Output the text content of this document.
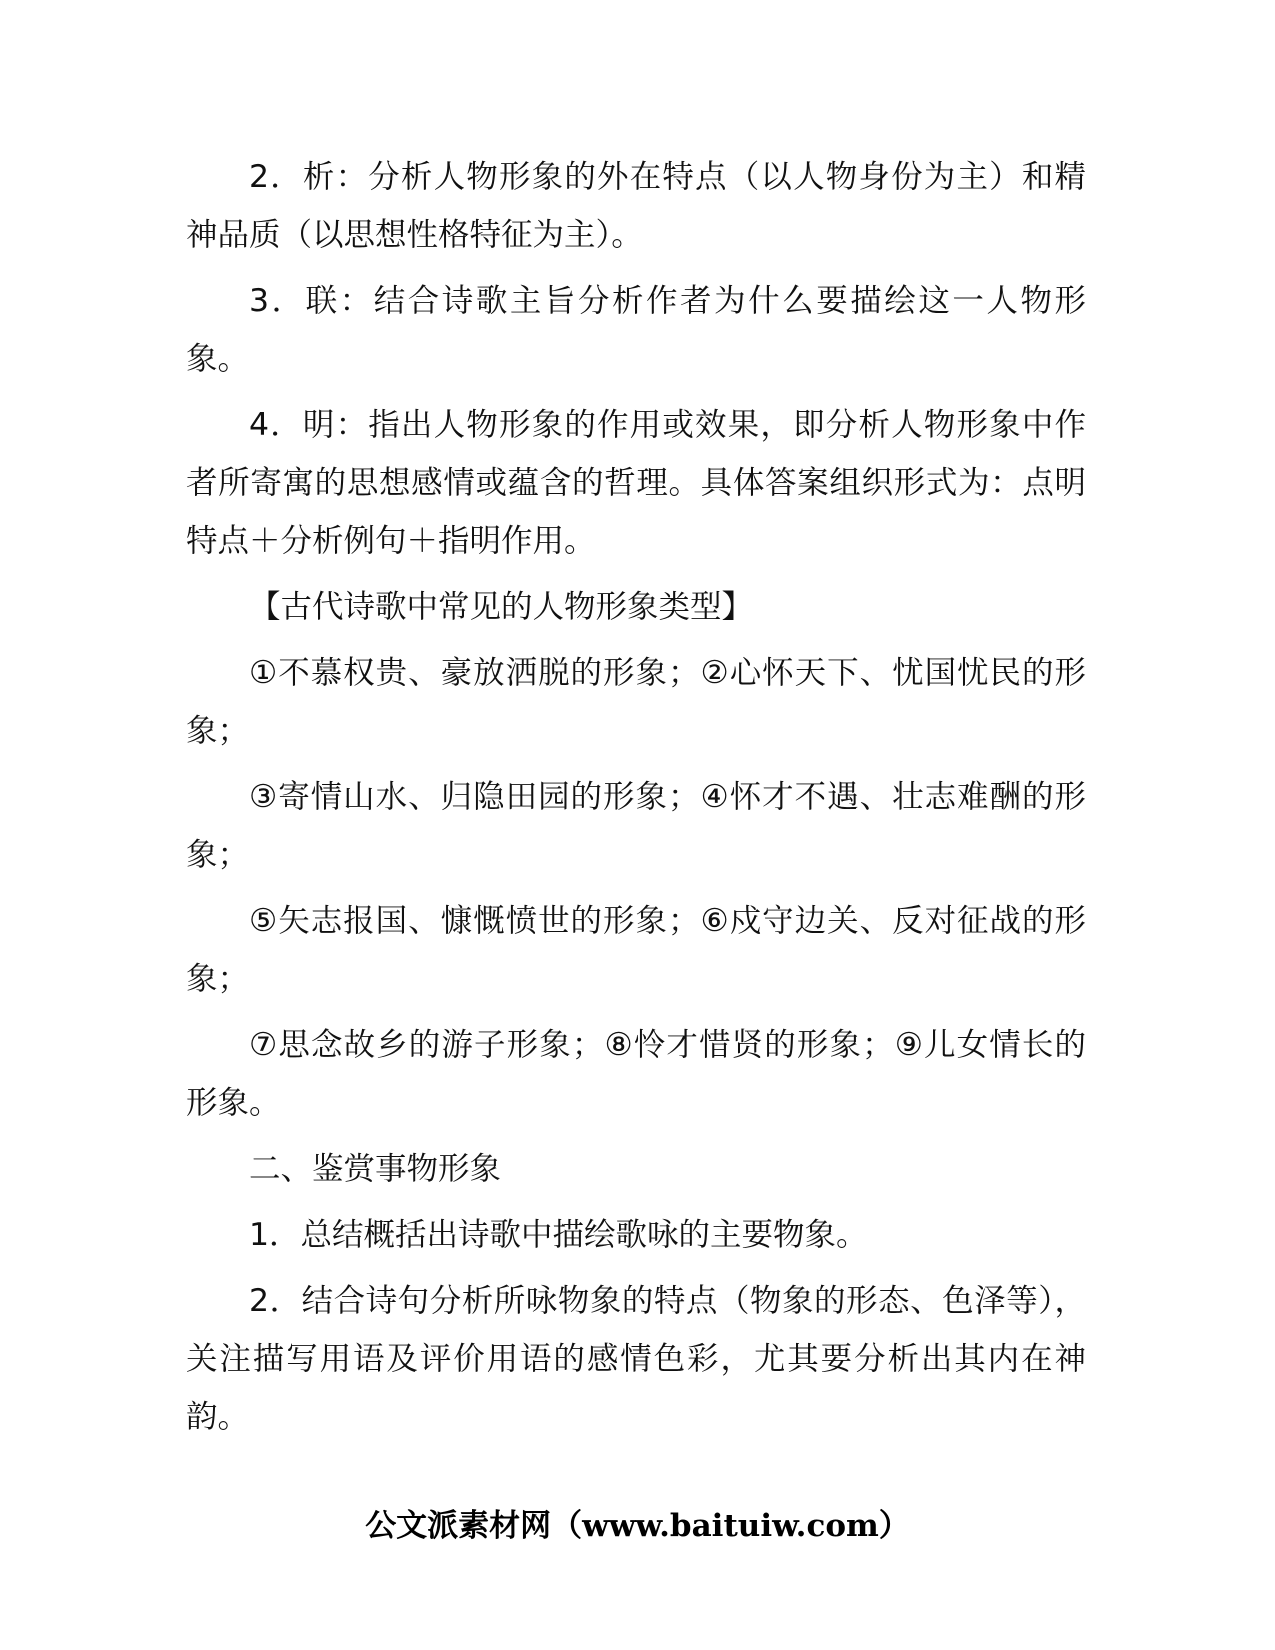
2．析：分析人物形象的外在特点（以人物身份为主）和精神品质（以思想性格特征为主）。

3．联：结合诗歌主旨分析作者为什么要描绘这一人物形象。

4．明：指出人物形象的作用或效果，即分析人物形象中作者所寄寓的思想感情或蕴含的哲理。具体答案组织形式为：点明特点＋分析例句＋指明作用。

【古代诗歌中常见的人物形象类型】

①不慕权贵、豪放洒脱的形象；②心怀天下、忧国忧民的形象；

③寄情山水、归隐田园的形象；④怀才不遇、壮志难酬的形象；

⑤矢志报国、慷慨愤世的形象；⑥戍守边关、反对征战的形象；

⑦思念故乡的游子形象；⑧怜才惜贤的形象；⑨儿女情长的形象。

二、鉴赏事物形象

1．总结概括出诗歌中描绘歌咏的主要物象。

2．结合诗句分析所咏物象的特点（物象的形态、色泽等），关注描写用语及评价用语的感情色彩，尤其要分析出其内在神韵。

公文派素材网（www.baituiw.com）
